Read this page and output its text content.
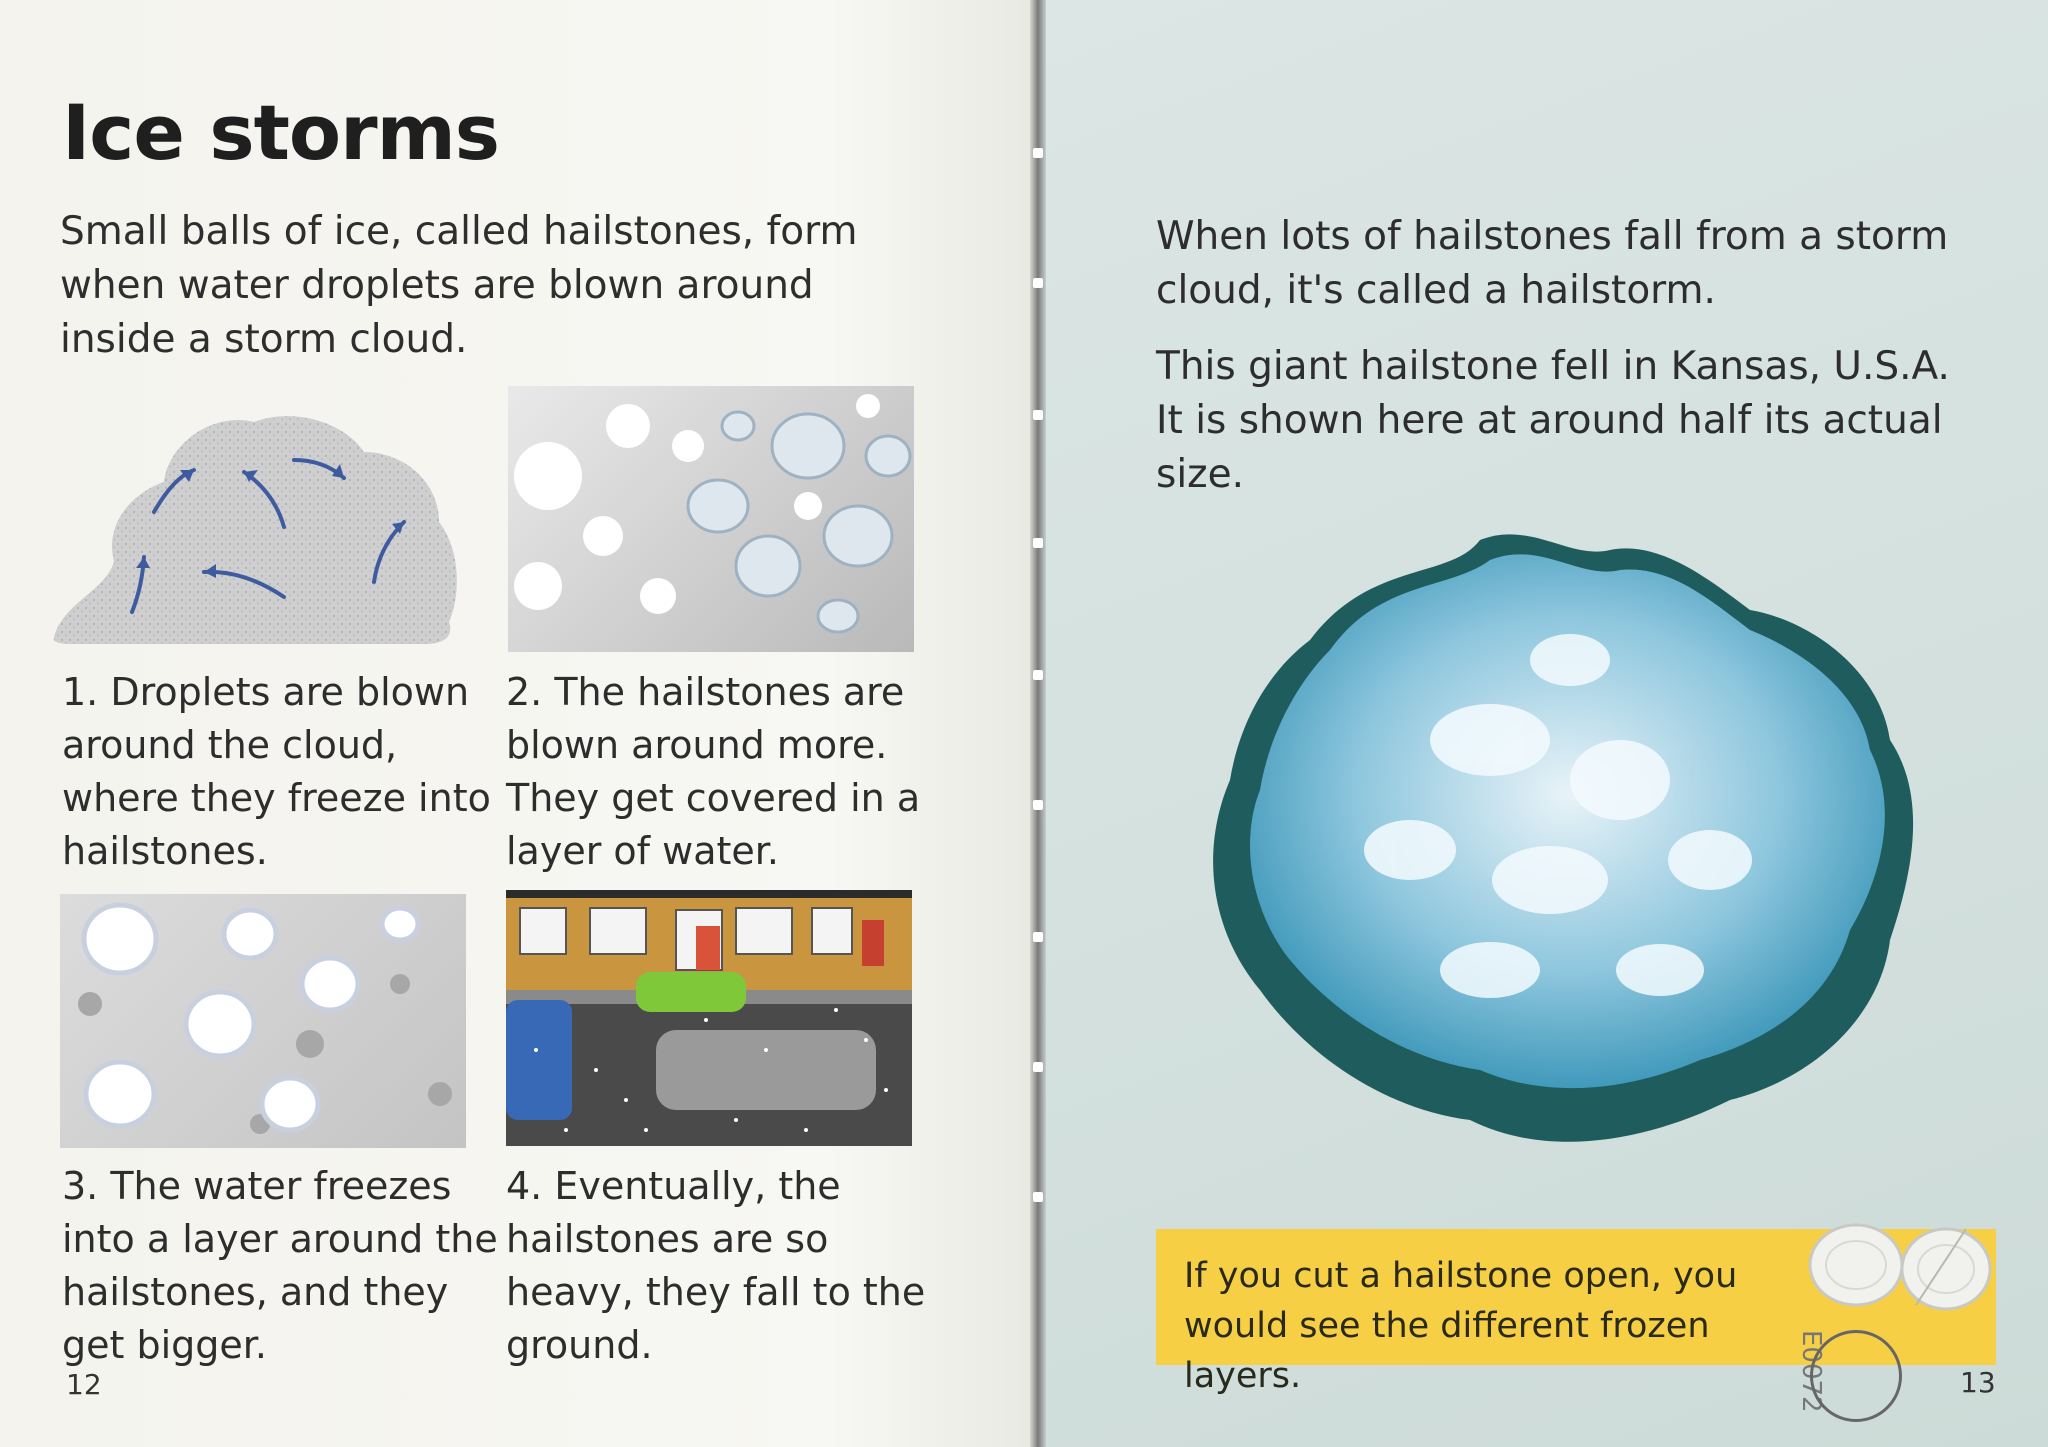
Ice storms
Small balls of ice, called hailstones, form when water droplets are blown around inside a storm cloud.
1. Droplets are blown around the cloud, where they freeze into hailstones.
2. The hailstones are blown around more. They get covered in a layer of water.
3. The water freezes into a layer around the hailstones, and they get bigger.
4. Eventually, the hailstones are so heavy, they fall to the ground.
12
When lots of hailstones fall from a storm cloud, it's called a hailstorm.
This giant hailstone fell in Kansas, U.S.A. It is shown here at around half its actual size.
If you cut a hailstone open, you would see the different frozen layers.	E0072	13
